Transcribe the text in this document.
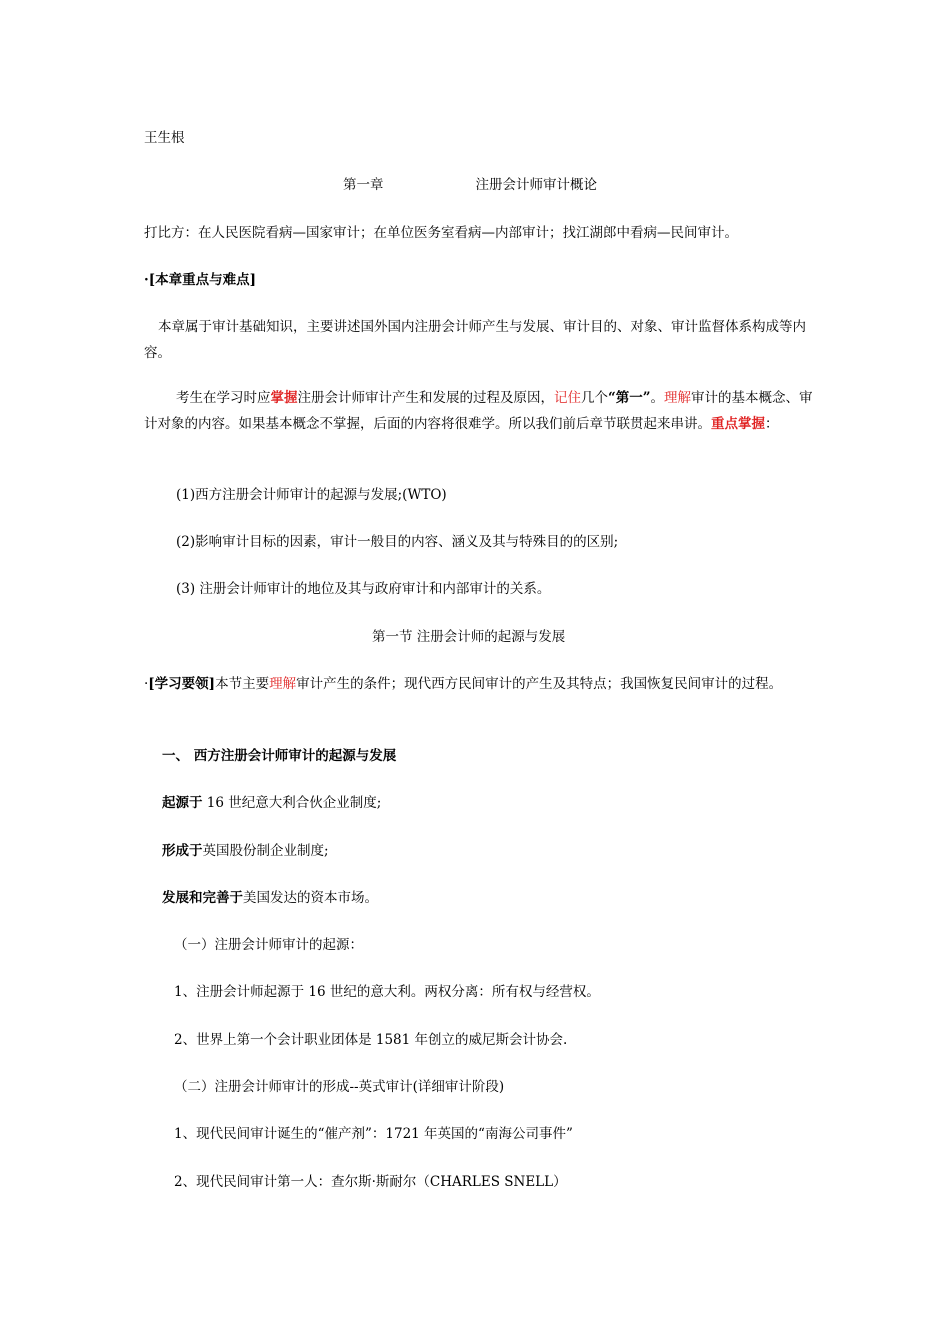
王生根
第一章	注册会计师审计概论
打比方：在人民医院看病—国家审计；在单位医务室看病—内部审计；找江湖郎中看病—民间审计。
·[本章重点与难点]
本章属于审计基础知识，主要讲述国外国内注册会计师产生与发展、审计目的、对象、审计监督体系构成等内容。
考生在学习时应掌握注册会计师审计产生和发展的过程及原因，记住几个“第一”。理解审计的基本概念、审计对象的内容。如果基本概念不掌握，后面的内容将很难学。所以我们前后章节联贯起来串讲。重点掌握：
(1)西方注册会计师审计的起源与发展;(WTO)
(2)影响审计目标的因素，审计一般目的内容、涵义及其与特殊目的的区别;
(3) 注册会计师审计的地位及其与政府审计和内部审计的关系。
第一节 注册会计师的起源与发展
·[学习要领]本节主要理解审计产生的条件；现代西方民间审计的产生及其特点；我国恢复民间审计的过程。
一、 西方注册会计师审计的起源与发展
起源于 16 世纪意大利合伙企业制度;
形成于英国股份制企业制度;
发展和完善于美国发达的资本市场。
（一）注册会计师审计的起源：
1、注册会计师起源于 16 世纪的意大利。两权分离：所有权与经营权。
2、世界上第一个会计职业团体是 1581 年创立的威尼斯会计协会.
（二）注册会计师审计的形成--英式审计(详细审计阶段)
1、现代民间审计诞生的“催产剂”：1721 年英国的“南海公司事件”
2、现代民间审计第一人：查尔斯·斯耐尔（CHARLES SNELL）
